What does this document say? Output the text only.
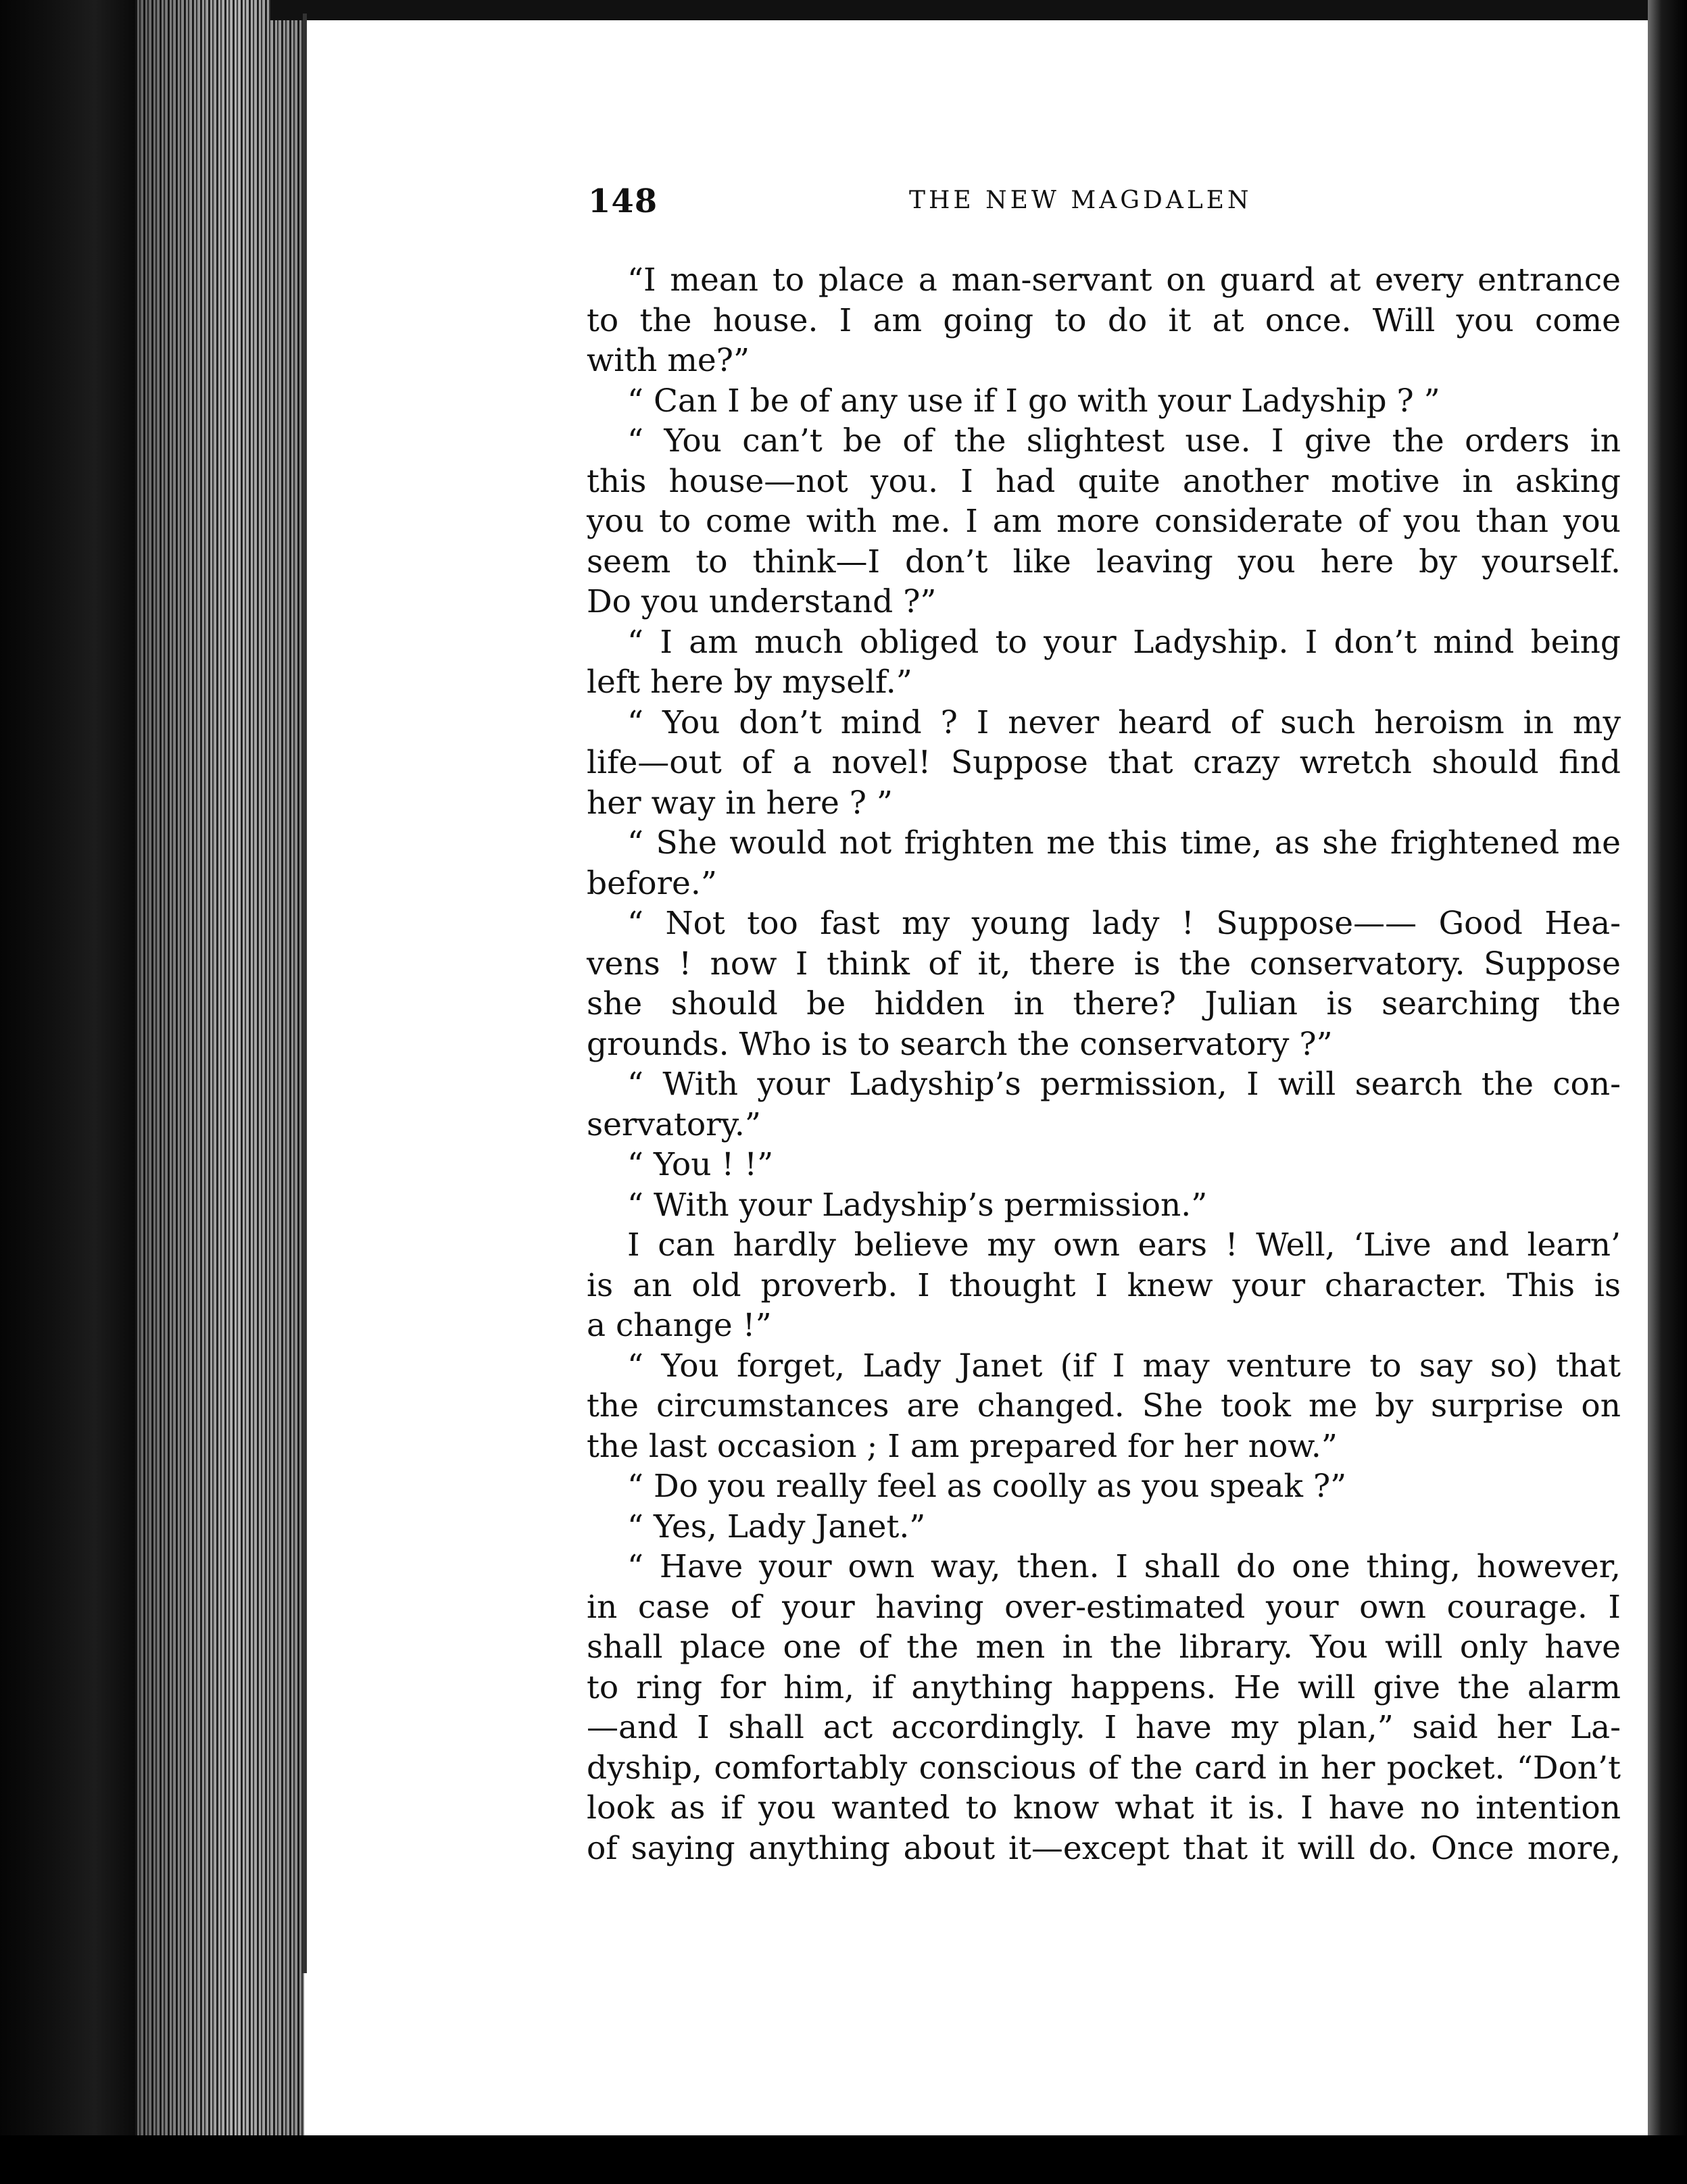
148	THE NEW MAGDALEN
“I mean to place a man-servant on guard at every entrance
to the house. I am going to do it at once. Will you come
with me?”
“ Can I be of any use if I go with your Ladyship ? ”
“ You can’t be of the slightest use. I give the orders in
this house—not you. I had quite another motive in asking
you to come with me. I am more considerate of you than you
seem to think—I don’t like leaving you here by yourself.
Do you understand ?”
“ I am much obliged to your Ladyship. I don’t mind being
left here by myself.”
“ You don’t mind ? I never heard of such heroism in my
life—out of a novel! Suppose that crazy wretch should find
her way in here ? ”
“ She would not frighten me this time, as she frightened me
before.”
“ Not too fast my young lady ! Suppose—— Good Hea-
vens ! now I think of it, there is the conservatory. Suppose
she should be hidden in there? Julian is searching the
grounds. Who is to search the conservatory ?”
“ With your Ladyship’s permission, I will search the con-
servatory.”
“ You ! !”
“ With your Ladyship’s permission.”
I can hardly believe my own ears ! Well, ‘Live and learn’
is an old proverb. I thought I knew your character. This is
a change !”
“ You forget, Lady Janet (if I may venture to say so) that
the circumstances are changed. She took me by surprise on
the last occasion ; I am prepared for her now.”
“ Do you really feel as coolly as you speak ?”
“ Yes, Lady Janet.”
“ Have your own way, then. I shall do one thing, however,
in case of your having over-estimated your own courage. I
shall place one of the men in the library. You will only have
to ring for him, if anything happens. He will give the alarm
—and I shall act accordingly. I have my plan,” said her La-
dyship, comfortably conscious of the card in her pocket. “Don’t
look as if you wanted to know what it is. I have no intention
of saying anything about it—except that it will do. Once more,
